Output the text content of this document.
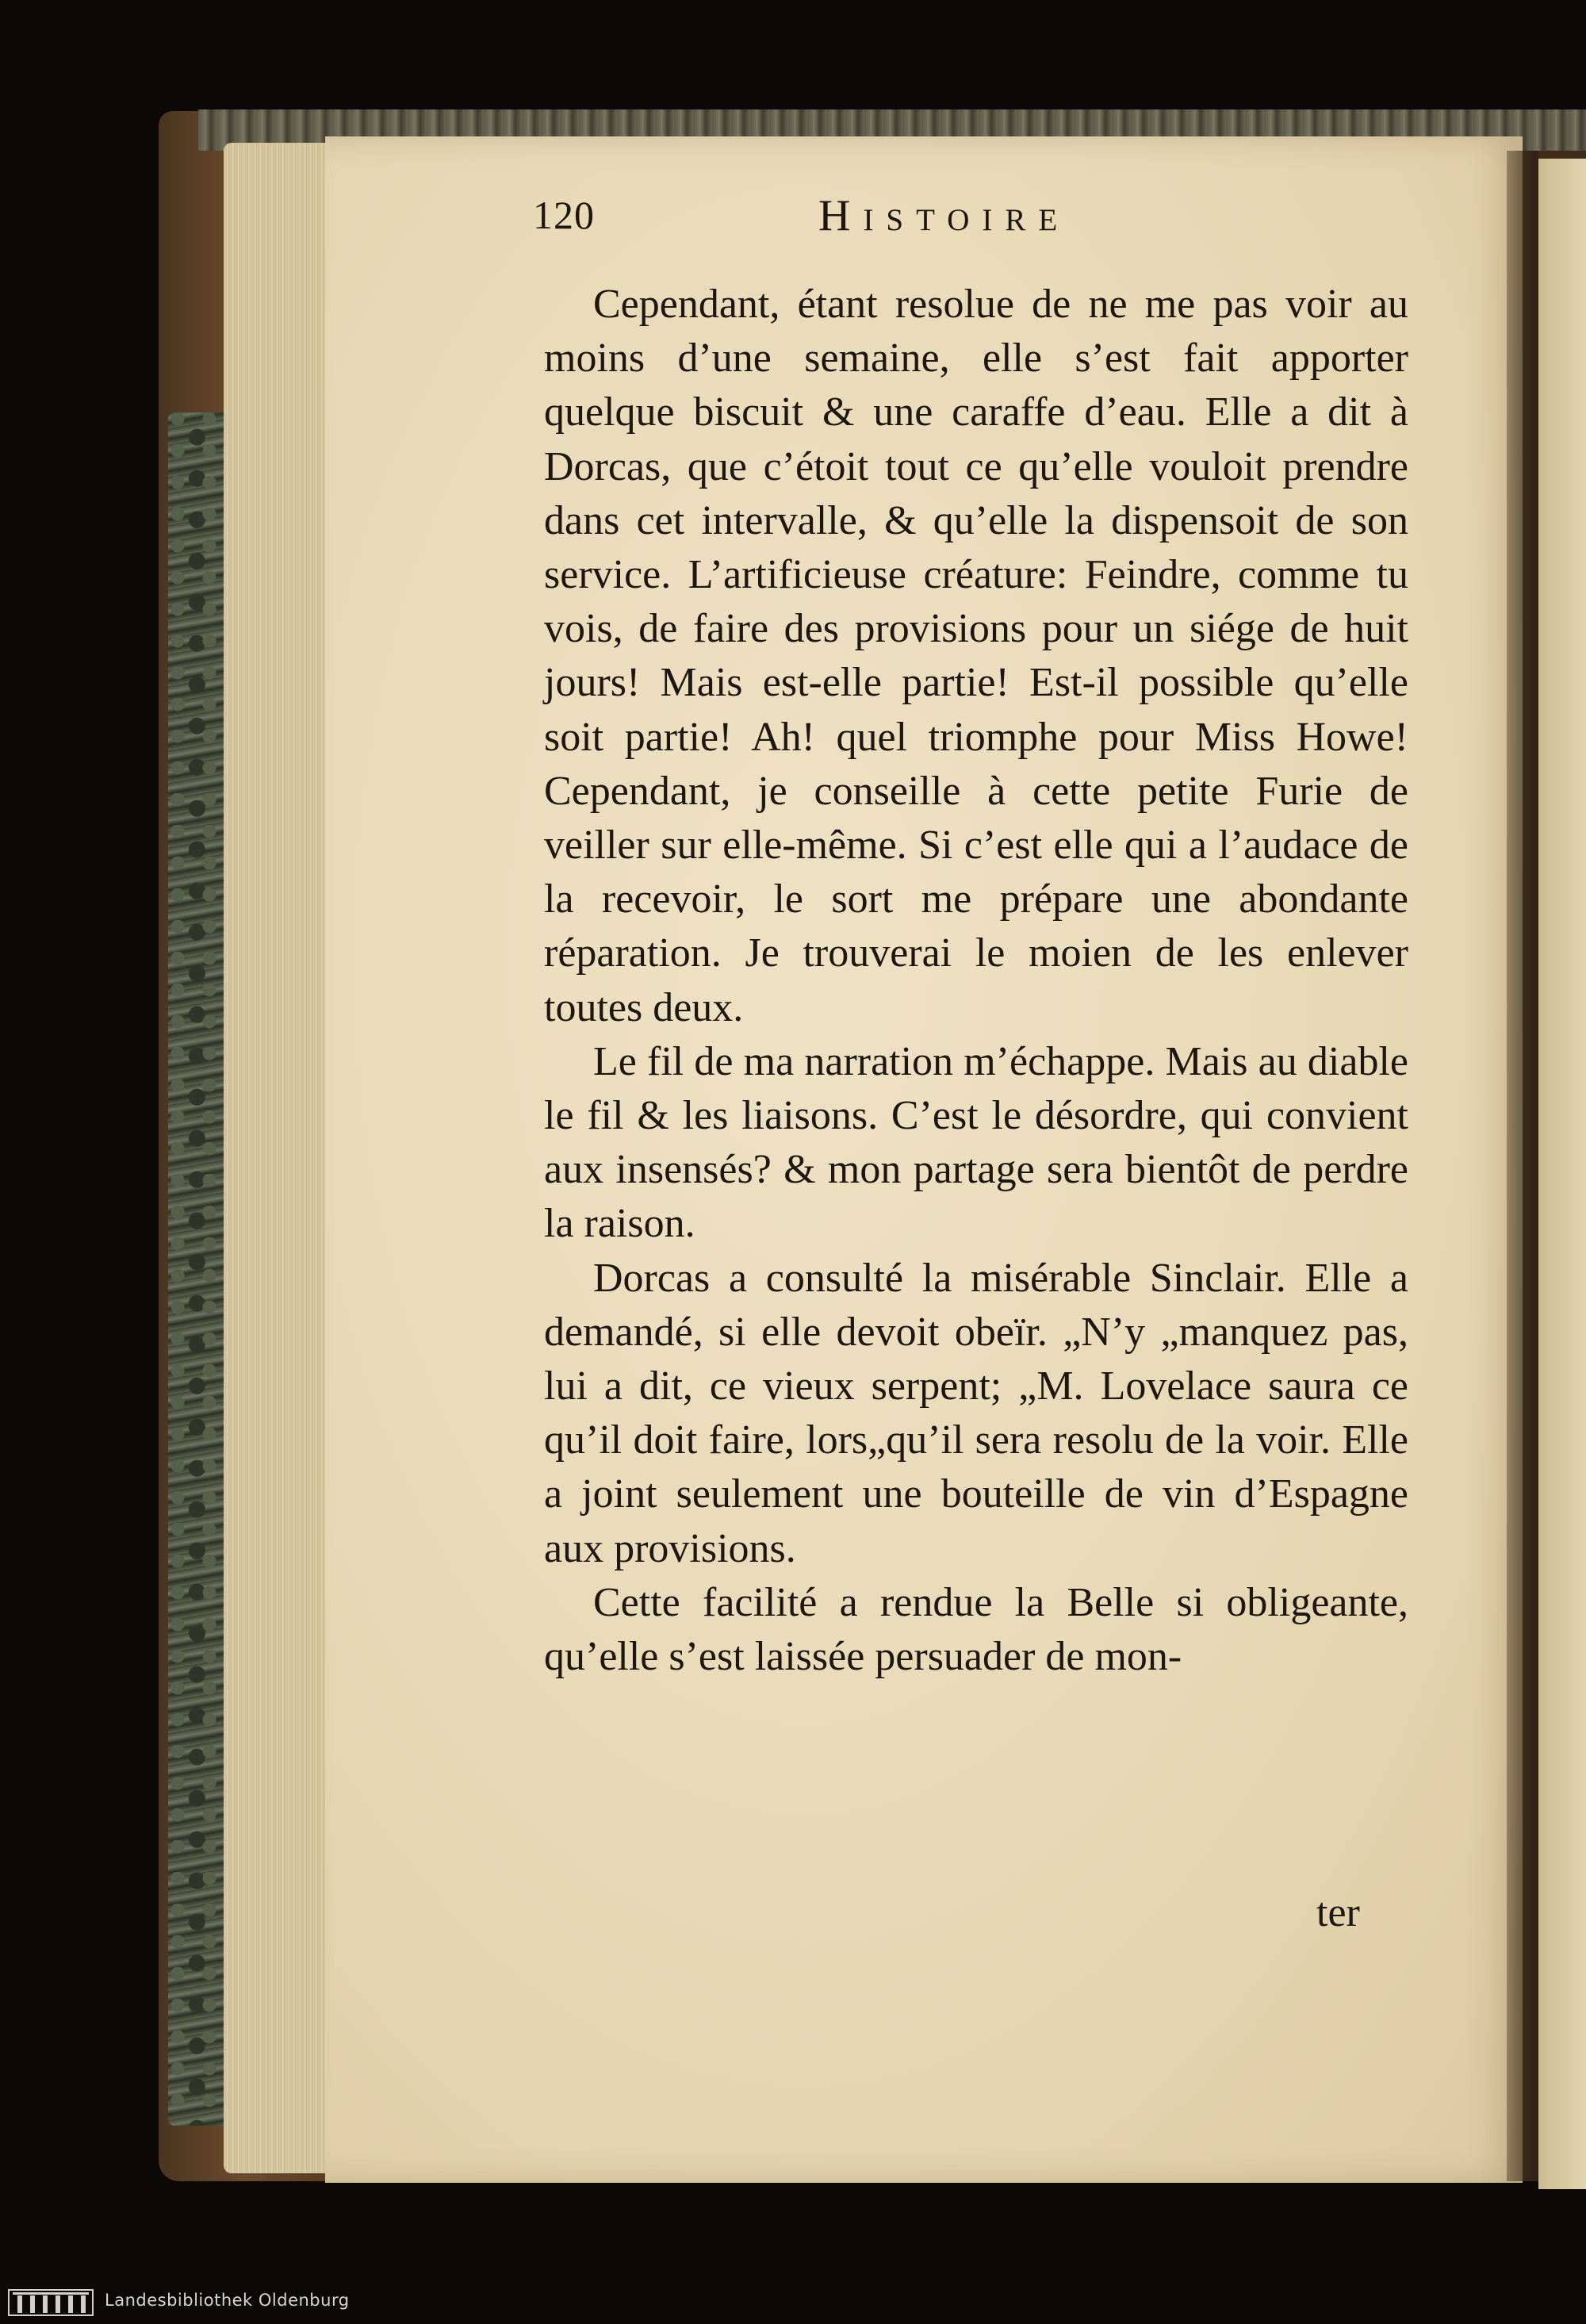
120	Histoire

Cependant, étant resolue de ne me pas voir au moins d’une semaine, elle s’est fait apporter quelque biscuit & une caraffe d’eau. Elle a dit à Dorcas, que c’étoit tout ce qu’elle vouloit prendre dans cet intervalle, & qu’elle la dispensoit de son service. L’artificieuse créature: Feindre, comme tu vois, de faire des provisions pour un siége de huit jours! Mais est-elle partie! Est-il possible qu’elle soit partie! Ah! quel triomphe pour Miss Howe! Cependant, je conseille à cette petite Furie de veiller sur elle-même. Si c’est elle qui a l’audace de la recevoir, le sort me prépare une abondante réparation. Je trouverai le moien de les enlever toutes deux.

Le fil de ma narration m’échappe. Mais au diable le fil & les liaisons. C’est le désordre, qui convient aux insensés? & mon partage sera bientôt de perdre la raison.

Dorcas a consulté la misérable Sinclair. Elle a demandé, si elle devoit obeïr. „N’y „manquez pas, lui a dit, ce vieux serpent; „M. Lovelace saura ce qu’il doit faire, lors„qu’il sera resolu de la voir. Elle a joint seulement une bouteille de vin d’Espagne aux provisions.

Cette facilité a rendue la Belle si obligeante, qu’elle s’est laissée persuader de mon-

ter
Landesbibliothek Oldenburg
